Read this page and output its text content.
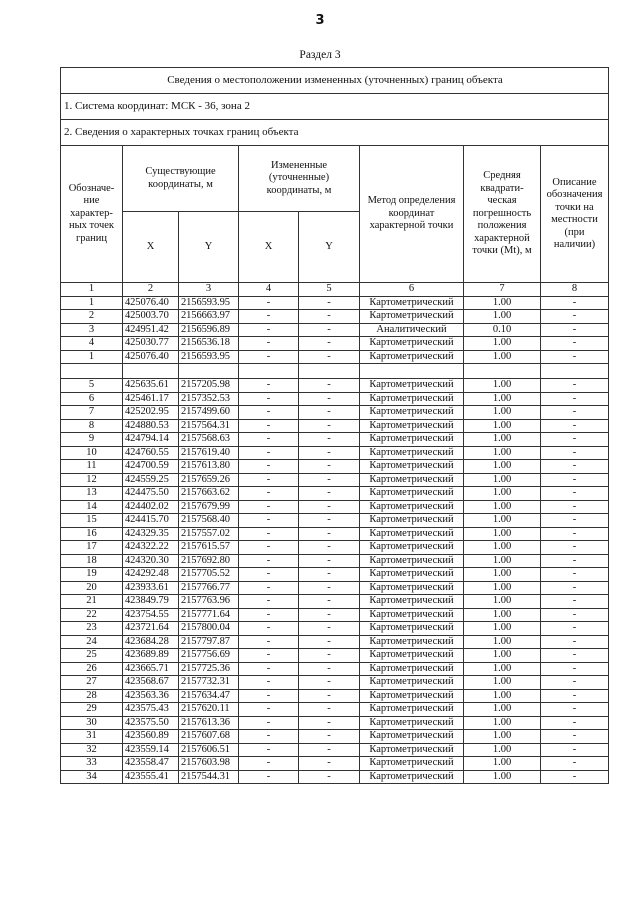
3
Раздел 3
Сведения о местоположении измененных (уточненных) границ объекта							
1. Система координат: МСК - 36, зона 2							
2. Сведения о характерных точках границ объекта							
Обозначе-ние характер-ных точек границ	Существующие координаты, м		Измененные (уточненные) координаты, м		Метод определения координат характерной точки	Средняя квадрати-ческая погрешность положения характерной точки (Mt), м	Описание обозначения точки на местности (при наличии)
	X	Y	X	Y			
1	2	3	4	5	6	7	8
1	425076.40	2156593.95	-	-	Картометрический	1.00	-
2	425003.70	2156663.97	-	-	Картометрический	1.00	-
3	424951.42	2156596.89	-	-	Аналитический	0.10	-
4	425030.77	2156536.18	-	-	Картометрический	1.00	-
1	425076.40	2156593.95	-	-	Картометрический	1.00	-

5	425635.61	2157205.98	-	-	Картометрический	1.00	-
6	425461.17	2157352.53	-	-	Картометрический	1.00	-
7	425202.95	2157499.60	-	-	Картометрический	1.00	-
8	424880.53	2157564.31	-	-	Картометрический	1.00	-
9	424794.14	2157568.63	-	-	Картометрический	1.00	-
10	424760.55	2157619.40	-	-	Картометрический	1.00	-
11	424700.59	2157613.80	-	-	Картометрический	1.00	-
12	424559.25	2157659.26	-	-	Картометрический	1.00	-
13	424475.50	2157663.62	-	-	Картометрический	1.00	-
14	424402.02	2157679.99	-	-	Картометрический	1.00	-
15	424415.70	2157568.40	-	-	Картометрический	1.00	-
16	424329.35	2157557.02	-	-	Картометрический	1.00	-
17	424322.22	2157615.57	-	-	Картометрический	1.00	-
18	424320.30	2157692.80	-	-	Картометрический	1.00	-
19	424292.48	2157705.52	-	-	Картометрический	1.00	-
20	423933.61	2157766.77	-	-	Картометрический	1.00	-
21	423849.79	2157763.96	-	-	Картометрический	1.00	-
22	423754.55	2157771.64	-	-	Картометрический	1.00	-
23	423721.64	2157800.04	-	-	Картометрический	1.00	-
24	423684.28	2157797.87	-	-	Картометрический	1.00	-
25	423689.89	2157756.69	-	-	Картометрический	1.00	-
26	423665.71	2157725.36	-	-	Картометрический	1.00	-
27	423568.67	2157732.31	-	-	Картометрический	1.00	-
28	423563.36	2157634.47	-	-	Картометрический	1.00	-
29	423575.43	2157620.11	-	-	Картометрический	1.00	-
30	423575.50	2157613.36	-	-	Картометрический	1.00	-
31	423560.89	2157607.68	-	-	Картометрический	1.00	-
32	423559.14	2157606.51	-	-	Картометрический	1.00	-
33	423558.47	2157603.98	-	-	Картометрический	1.00	-
34	423555.41	2157544.31	-	-	Картометрический	1.00	-
